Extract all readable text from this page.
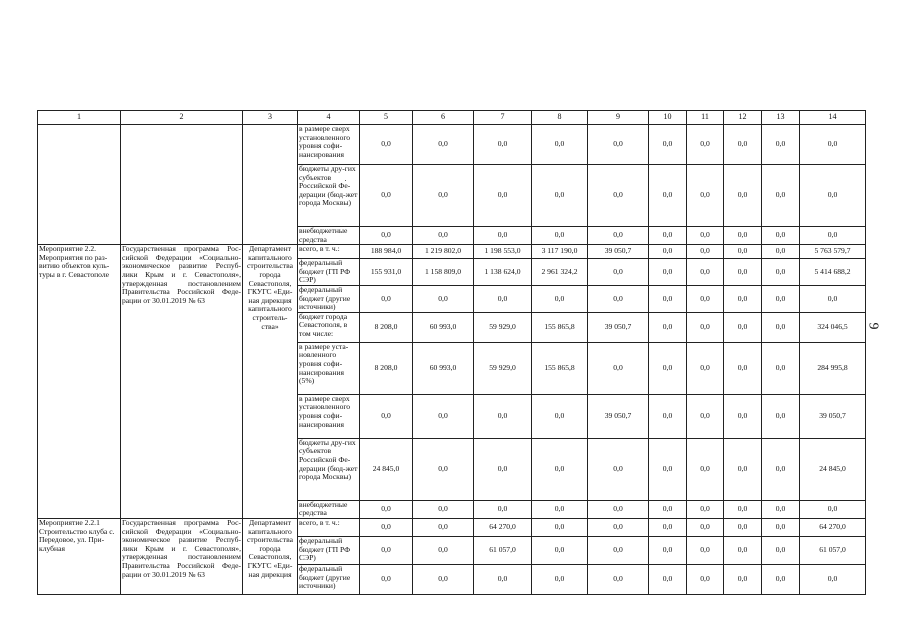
1	2	3	4	5	6	7	8	9	10	11	12	13	14
			в размере сверх установленного уровня софи-нансирования	0,0	0,0	0,0	0,0	0,0	0,0	0,0	0,0	0,0	0,0
			бюджеты дру-гих субъектов Российской Фе-дерации (бюд-жет города Москвы)	0,0	0,0	0,0	0,0	0,0	0,0	0,0	0,0	0,0	0,0
			внебюджетные средства	0,0	0,0	0,0	0,0	0,0	0,0	0,0	0,0	0,0	0,0
Мероприятие 2.2. Мероприятия по раз-витию объектов куль-туры в г. Севастополе	Государственная программа Рос-сийской Федерации «Социально-экономическое развитие Респуб-лики Крым и г. Севастополя», утвержденная постановлением Правительства Российской Феде-рации от 30.01.2019 № 63	Департамент капитального строительства города Севастополя, ГКУГС «Еди-ная дирекция капитального строитель-ства»	всего, в т. ч.:	188 984,0	1 219 802,0	1 198 553,0	3 117 190,0	39 050,7	0,0	0,0	0,0	0,0	5 763 579,7
			федеральный бюджет (ГП РФ СЭР)	155 931,0	1 158 809,0	1 138 624,0	2 961 324,2	0,0	0,0	0,0	0,0	0,0	5 414 688,2
			федеральный бюджет (другие источники)	0,0	0,0	0,0	0,0	0,0	0,0	0,0	0,0	0,0	0,0
			бюджет города Севастополя, в том числе:	8 208,0	60 993,0	59 929,0	155 865,8	39 050,7	0,0	0,0	0,0	0,0	324 046,5
			в размере уста-новленного уровня софи-нансирования (5%)	8 208,0	60 993,0	59 929,0	155 865,8	0,0	0,0	0,0	0,0	0,0	284 995,8
			в размере сверх установленного уровня софи-нансирования	0,0	0,0	0,0	0,0	39 050,7	0,0	0,0	0,0	0,0	39 050,7
			бюджеты дру-гих субъектов Российской Фе-дерации (бюд-жет города Москвы)	24 845,0	0,0	0,0	0,0	0,0	0,0	0,0	0,0	0,0	24 845,0
			внебюджетные средства	0,0	0,0	0,0	0,0	0,0	0,0	0,0	0,0	0,0	0,0
Мероприятие 2.2.1 Строительство клуба с. Передовое, ул. При-клубная	Государственная программа Рос-сийской Федерации «Социально-экономическое развитие Респуб-лики Крым и г. Севастополя», утвержденная постановлением Правительства Российской Феде-рации от 30.01.2019 № 63	Департамент капитального строительства города Севастополя, ГКУГС «Еди-ная дирекция	всего, в т. ч.:	0,0	0,0	64 270,0	0,0	0,0	0,0	0,0	0,0	0,0	64 270,0
			федеральный бюджет (ГП РФ СЭР)	0,0	0,0	61 057,0	0,0	0,0	0,0	0,0	0,0	0,0	61 057,0
			федеральный бюджет (другие источники)	0,0	0,0	0,0	0,0	0,0	0,0	0,0	0,0	0,0	0,0
9
